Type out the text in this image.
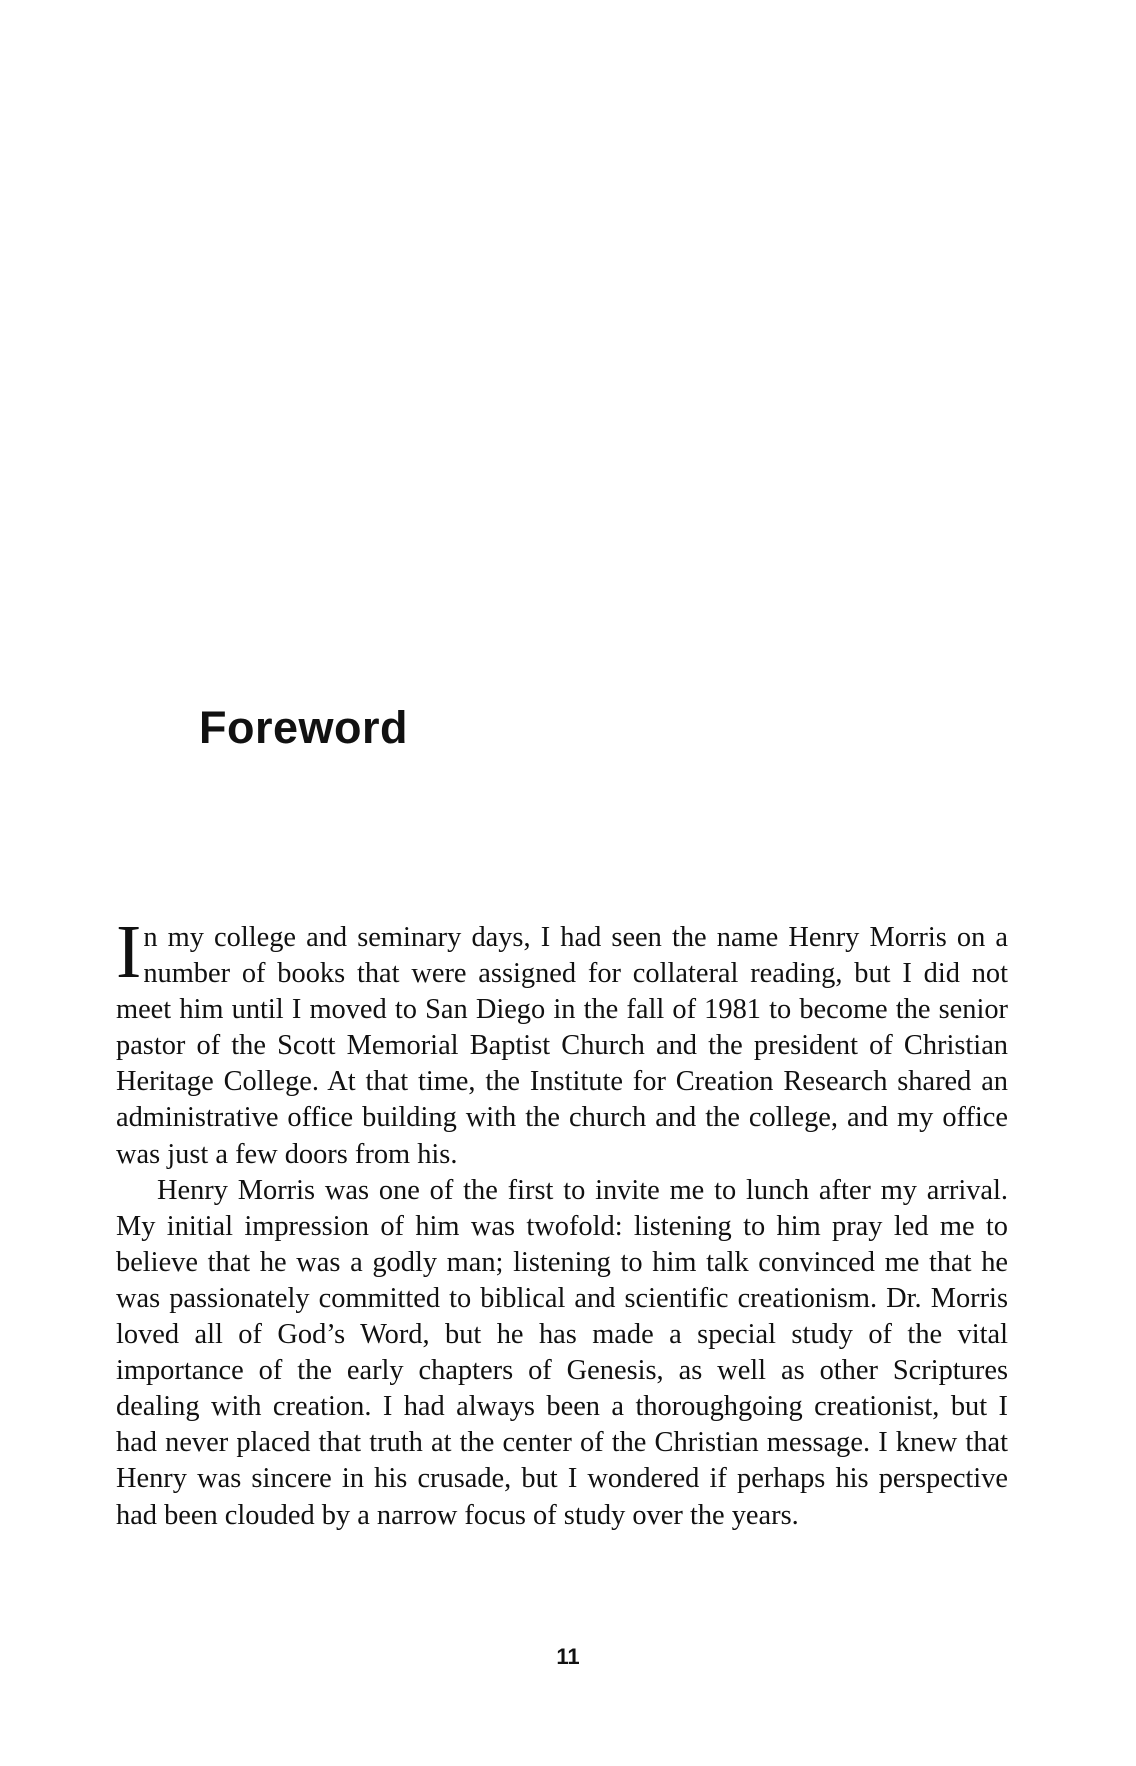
Foreword

In my college and seminary days, I had seen the name Henry Morris on a number of books that were assigned for collateral reading, but I did not meet him until I moved to San Diego in the fall of 1981 to become the senior pastor of the Scott Memorial Baptist Church and the president of Christian Heritage College. At that time, the Institute for Creation Research shared an administrative office building with the church and the college, and my office was just a few doors from his.

Henry Morris was one of the first to invite me to lunch after my arrival. My initial impression of him was twofold: listening to him pray led me to believe that he was a godly man; listening to him talk convinced me that he was passionately committed to biblical and scientific creationism. Dr. Morris loved all of God’s Word, but he has made a special study of the vital importance of the early chapters of Genesis, as well as other Scriptures dealing with creation. I had always been a thoroughgoing creationist, but I had never placed that truth at the center of the Christian message. I knew that Henry was sincere in his crusade, but I wondered if perhaps his perspective had been clouded by a narrow focus of study over the years.

11
